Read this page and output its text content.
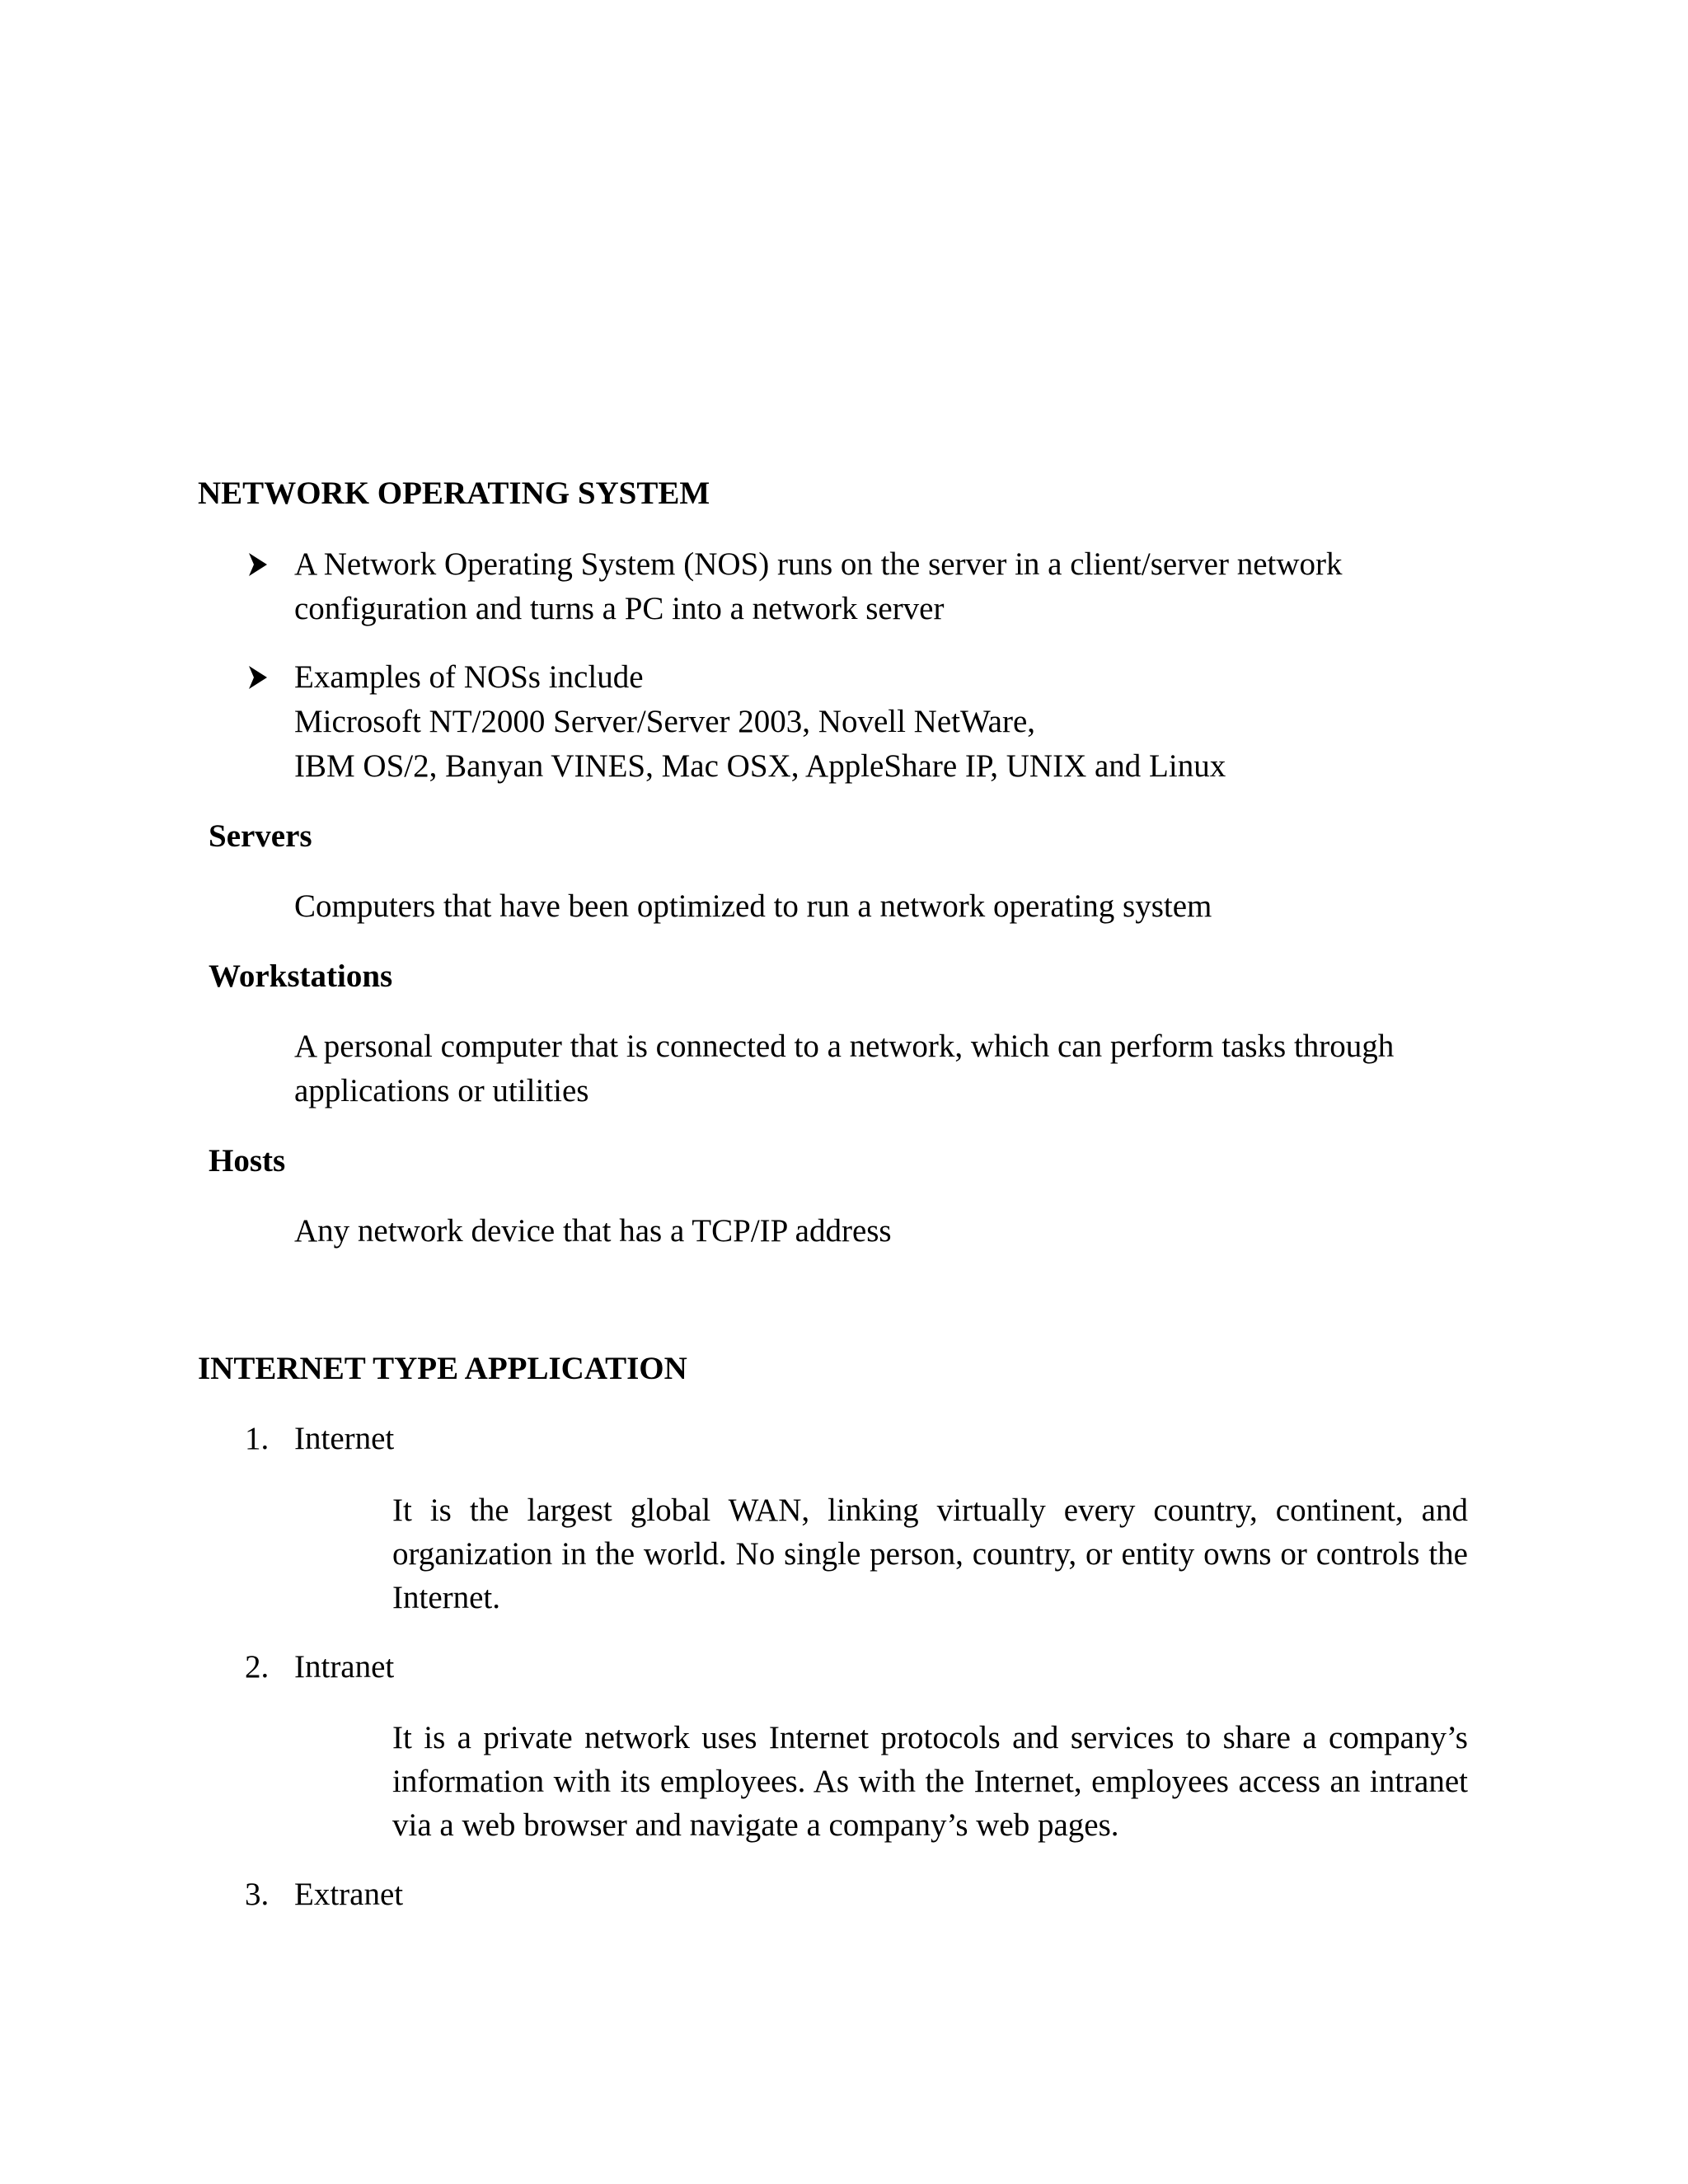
NETWORK OPERATING SYSTEM
A Network Operating System (NOS) runs on the server in a client/server network
configuration and turns a PC into a network server
Examples of NOSs include
Microsoft NT/2000 Server/Server 2003, Novell NetWare,
IBM OS/2, Banyan VINES, Mac OSX, AppleShare IP, UNIX and Linux
Servers
Computers that have been optimized to run a network operating system
Workstations
A personal computer that is connected to a network, which can perform tasks through
applications or utilities
Hosts
Any network device that has a TCP/IP address
INTERNET TYPE APPLICATION
1. Internet
It is the largest global WAN, linking virtually every country, continent, and organization in the world. No single person, country, or entity owns or controls the Internet.
2. Intranet
It is a private network uses Internet protocols and services to share a company’s information with its employees. As with the Internet, employees access an intranet via a web browser and navigate a company’s web pages.
3. Extranet
